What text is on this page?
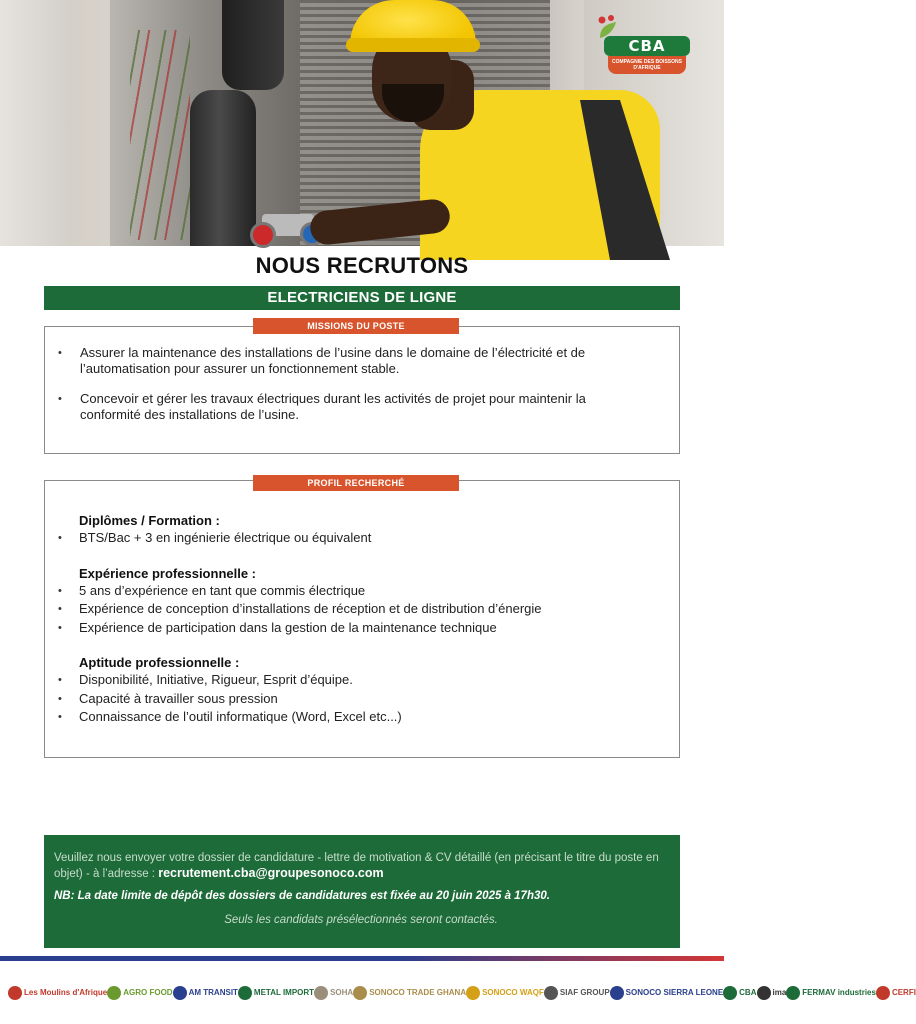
CBA
COMPAGNIE DES BOISSONS D'AFRIQUE
NOUS RECRUTONS
ELECTRICIENS DE LIGNE
MISSIONS DU POSTE
• Assurer la maintenance des installations de l’usine dans le domaine de l’électricité et de l’automatisation pour assurer un fonctionnement stable.
• Concevoir et gérer les travaux électriques durant les activités de projet pour maintenir la conformité des installations de l’usine.
PROFIL RECHERCHÉ
Diplômes / Formation :
• BTS/Bac + 3 en ingénierie électrique ou équivalent
Expérience professionnelle :
• 5 ans d’expérience en tant que commis électrique
• Expérience de conception d’installations de réception et de distribution d’énergie
• Expérience de participation dans la gestion de la maintenance technique
Aptitude professionnelle :
• Disponibilité, Initiative, Rigueur, Esprit d’équipe.
• Capacité à travailler sous pression
• Connaissance de l’outil informatique (Word, Excel etc...)

Veuillez nous envoyer votre dossier de candidature - lettre de motivation & CV détaillé (en précisant le titre du poste en objet) - à l’adresse : recrutement.cba@groupesonoco.com

NB: La date limite de dépôt des dossiers de candidatures est fixée au 20 juin 2025 à 17h30.

Seuls les candidats présélectionnés seront contactés.

Les Moulins d'Afrique	AGRO FOOD	AM TRANSIT	METAL IMPORT	SOHA	SONOCO TRADE GHANA	SONOCO WAQF	SIAF GROUP	SONOCO SIERRA LEONE	CBA	ima	FERMAV industries	CERFI
